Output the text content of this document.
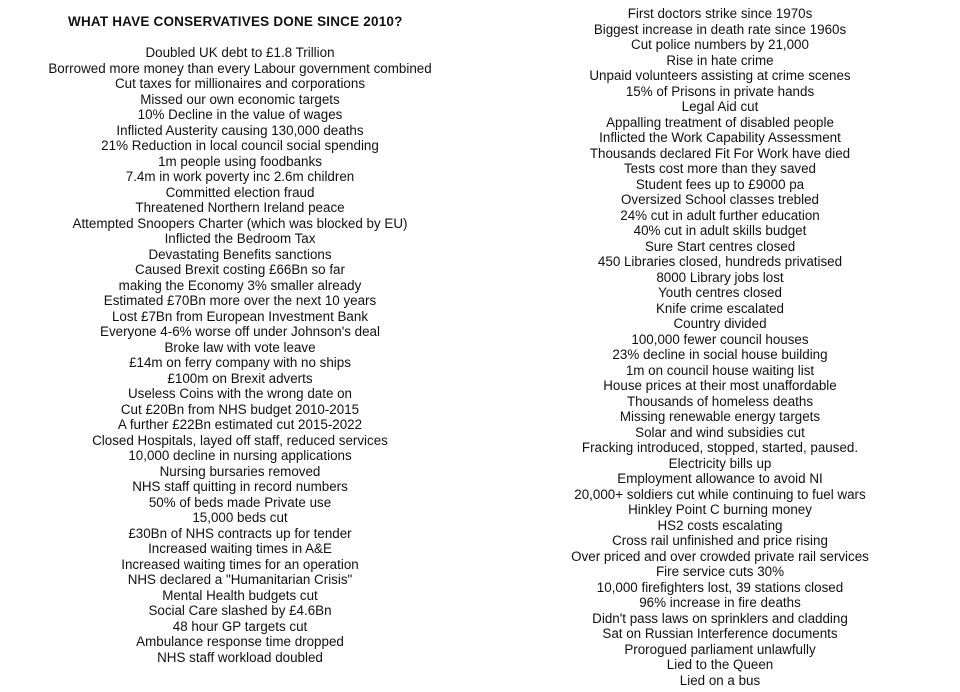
WHAT HAVE CONSERVATIVES DONE SINCE 2010?
Doubled UK debt to £1.8 Trillion
Borrowed more money than every Labour government combined
Cut taxes for millionaires and corporations
Missed our own economic targets
10% Decline in the value of wages
Inflicted Austerity causing 130,000 deaths
21% Reduction in local council social spending
1m people using foodbanks
7.4m in work poverty inc 2.6m children
Committed election fraud
Threatened Northern Ireland peace
Attempted Snoopers Charter (which was blocked by EU)
Inflicted the Bedroom Tax
Devastating Benefits sanctions
Caused Brexit costing £66Bn so far
making the Economy 3% smaller already
Estimated £70Bn more over the next 10 years
Lost £7Bn from European Investment Bank
Everyone 4-6% worse off under Johnson's deal
Broke law with vote leave
£14m on ferry company with no ships
£100m on Brexit adverts
Useless Coins with the wrong date on
Cut £20Bn from NHS budget 2010-2015
A further £22Bn estimated cut 2015-2022
Closed Hospitals, layed off staff, reduced services
10,000 decline in nursing applications
Nursing bursaries removed
NHS staff quitting in record numbers
50% of beds made Private use
15,000 beds cut
£30Bn of NHS contracts up for tender
Increased waiting times in A&E
Increased waiting times for an operation
NHS declared a "Humanitarian Crisis"
Mental Health budgets cut
Social Care slashed by £4.6Bn
48 hour GP targets cut
Ambulance response time dropped
NHS staff workload doubled
First doctors strike since 1970s
Biggest increase in death rate since 1960s
Cut police numbers by 21,000
Rise in hate crime
Unpaid volunteers assisting at crime scenes
15% of Prisons in private hands
Legal Aid cut
Appalling treatment of disabled people
Inflicted the Work Capability Assessment
Thousands declared Fit For Work have died
Tests cost more than they saved
Student fees up to £9000 pa
Oversized School classes trebled
24% cut in adult further education
40% cut in adult skills budget
Sure Start centres closed
450 Libraries closed, hundreds privatised
8000 Library jobs lost
Youth centres closed
Knife crime escalated
Country divided
100,000 fewer council houses
23% decline in social house building
1m on council house waiting list
House prices at their most unaffordable
Thousands of homeless deaths
Missing renewable energy targets
Solar and wind subsidies cut
Fracking introduced, stopped, started, paused.
Electricity bills up
Employment allowance to avoid NI
20,000+ soldiers cut while continuing to fuel wars
Hinkley Point C burning money
HS2 costs escalating
Cross rail unfinished and price rising
Over priced and over crowded private rail services
Fire service cuts 30%
10,000 firefighters lost, 39 stations closed
96% increase in fire deaths
Didn't pass laws on sprinklers and cladding
Sat on Russian Interference documents
Prorogued parliament unlawfully
Lied to the Queen
Lied on a bus
